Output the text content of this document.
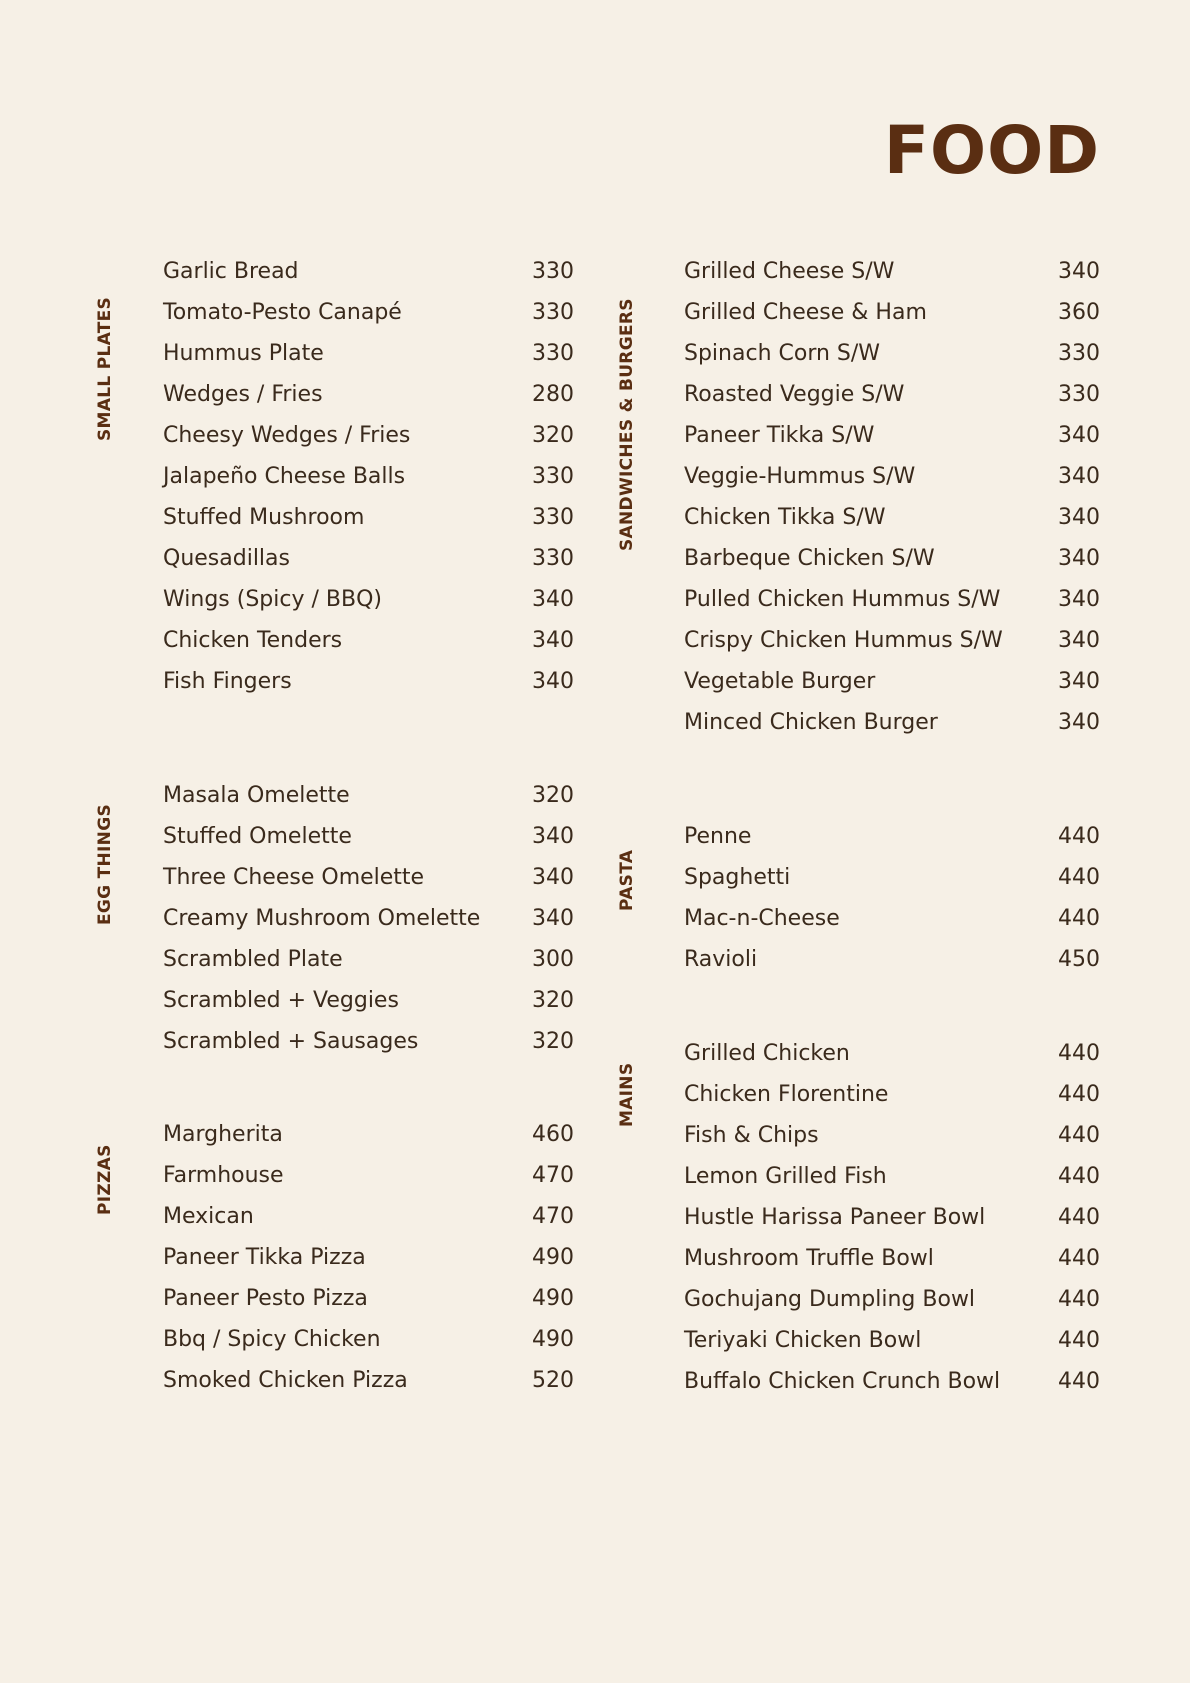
FOOD
SMALL PLATES
Garlic Bread	330
Tomato-Pesto Canapé	330
Hummus Plate	330
Wedges / Fries	280
Cheesy Wedges / Fries	320
Jalapeño Cheese Balls	330
Stuffed Mushroom	330
Quesadillas	330
Wings (Spicy / BBQ)	340
Chicken Tenders	340
Fish Fingers	340
EGG THINGS
Masala Omelette	320
Stuffed Omelette	340
Three Cheese Omelette	340
Creamy Mushroom Omelette 340
Scrambled Plate	300
Scrambled + Veggies	320
Scrambled + Sausages	320
PIZZAS
Margherita	460
Farmhouse	470
Mexican	470
Paneer Tikka Pizza	490
Paneer Pesto Pizza	490
Bbq / Spicy Chicken	490
Smoked Chicken Pizza	520
SANDWICHES & BURGERS
Grilled Cheese S/W	340
Grilled Cheese & Ham	360
Spinach Corn S/W	330
Roasted Veggie S/W	330
Paneer Tikka S/W	340
Veggie-Hummus S/W	340
Chicken Tikka S/W	340
Barbeque Chicken S/W	340
Pulled Chicken Hummus S/W	340
Crispy Chicken Hummus S/W	340
Vegetable Burger	340
Minced Chicken Burger	340
PASTA
Penne	440
Spaghetti	440
Mac-n-Cheese	440
Ravioli	450
MAINS
Grilled Chicken	440
Chicken Florentine	440
Fish & Chips	440
Lemon Grilled Fish	440
Hustle Harissa Paneer Bowl	440
Mushroom Truffle Bowl	440
Gochujang Dumpling Bowl	440
Teriyaki Chicken Bowl	440
Buffalo Chicken Crunch Bowl	440
